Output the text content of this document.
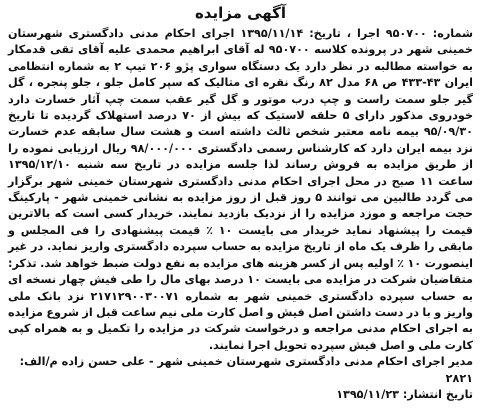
آگهی مزایده

شماره: ۹۵۰۷۰۰ اجرا ، تاریخ: ۱۳۹۵/۱۱/۱۴ اجرای احکام مدنی دادگستری شهرستان خمینی شهر در پرونده کلاسه ۹۵۰۷۰۰ له آقای ابراهیم محمدی علیه آقای تقی قدمکار به خواسته مطالبه در نظر دارد یک دستگاه سواری پژو ۲۰۶ تیپ ۲ به شماره انتظامی ایران ۴۳-۴۳۳ ص ۶۸ مدل ۸۲ رنگ نقره ای متالیک که سپر کامل جلو ، جلو پنجره ، گل گیر جلو سمت راست و چپ درب موتور و گل گیر عقب سمت چپ آثار خسارت دارد خودروی مذکور دارای ۵ حلقه لاستیک که بیش از ۷۰ درصد استهلاک گردیده تا تاریخ ۹۵/۰۹/۳۰ بیمه نامه معتبر شخص ثالث داشته است و هشت سال سابقه عدم خسارت نزد بیمه ایران دارد که کارشناس رسمی دادگستری ۹۸/۰۰۰/۰۰۰ ریال ارزیابی نموده را از طریق مزایده به فروش رساند لذا جلسه مزایده در تاریخ سه شنبه ۱۳۹۵/۱۲/۱۰ ساعت ۱۱ صبح در محل اجرای احکام مدنی دادگستری شهرستان خمینی شهر برگزار می گردد طالبین می توانند ۵ روز قبل از روز مزایده به نشانی خمینی شهر - پارکینگ حجت مراجعه و موزد مزایده را از نزدیک بازدید نمایند. خریدار کسی است که بالاترین قیمت را پیشنهاد نماید خریدار می بایست ۱۰ ٪ قیمت پیشنهادی را فی المجلس و مابقی را ظرف یک ماه از تاریخ مزایده به حساب سپرده دادگستری واریز نماید. در غیر اینصورت ۱۰ ٪ اولیه پس از کسر هزینه های مزایده به نفع دولت ضبط خواهد شد. تذکر: متقاضیان شرکت در مزایده می بایست ۱۰ درصد بهای مال را طی فیش چهار نسخه ای به حساب سپرده دادگستری خمینی شهر به شماره ۲۱۷۱۲۹۰۰۳۰۰۷۱ نزد بانک ملی واریز و با در دست داشتن اصل فیش و اصل کارت ملی نیم ساعت قبل از شروع مزایده به اجرای احکام مدنی مراجعه و درخواست شرکت در مزایده را تکمیل و به همراه کپی کارت ملی و اصل فیش سپرده تحویل اجرا نمایند.

مدیر اجرای احکام مدنی دادگستری شهرستان خمینی شهر - علی حسن زاده م/الف: ۲۸۲۱

تاریخ انتشار: ۱۳۹۵/۱۱/۲۳
